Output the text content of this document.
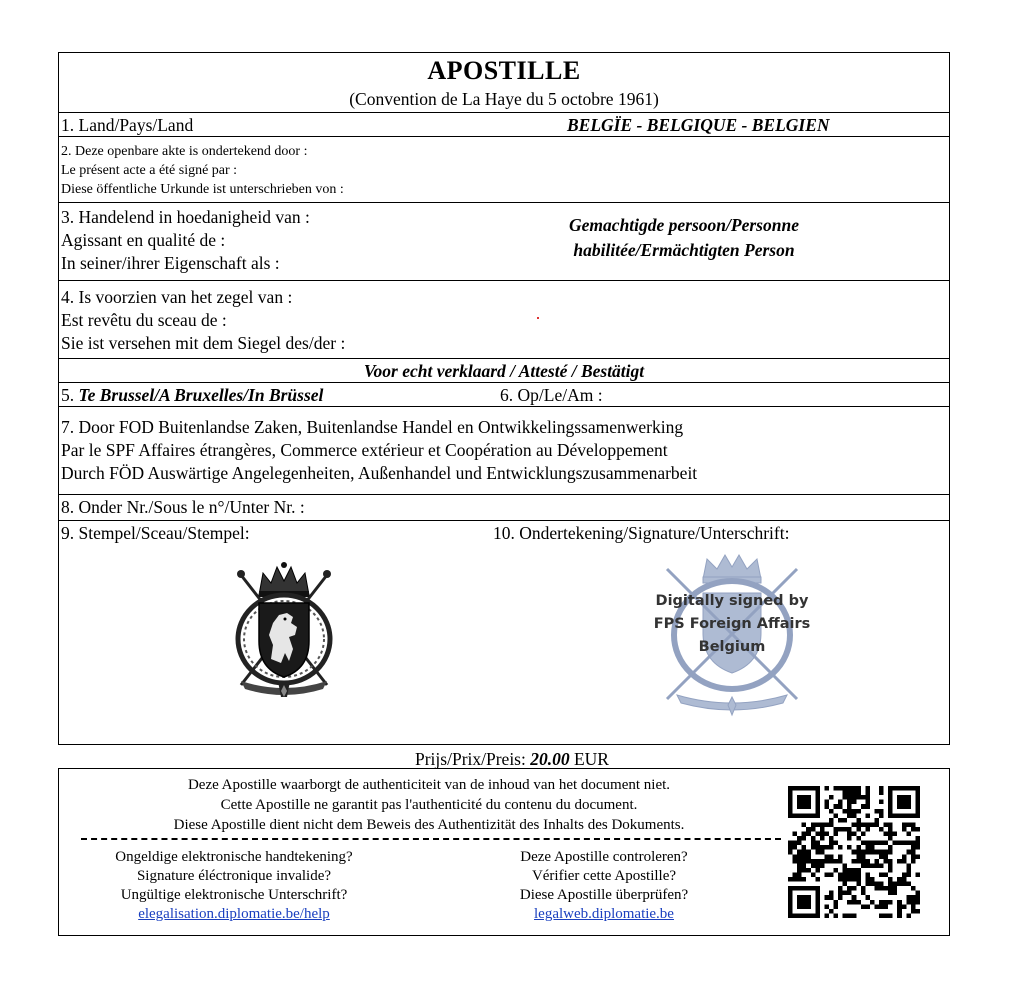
APOSTILLE
(Convention de La Haye du 5 octobre 1961)
1. Land/Pays/Land	BELGÏE - BELGIQUE - BELGIEN
2. Deze openbare akte is ondertekend door :
Le présent acte a été signé par :
Diese öffentliche Urkunde ist unterschrieben von :
3. Handelend in hoedanigheid van :
Agissant en qualité de :
In seiner/ihrer Eigenschaft als :
Gemachtigde persoon/Personne
habilitée/Ermächtigten Person
4. Is voorzien van het zegel van :
Est revêtu du sceau de :
Sie ist versehen mit dem Siegel des/der :
Voor echt verklaard / Attesté / Bestätigt
5. Te Brussel/A Bruxelles/In Brüssel	6. Op/Le/Am :
7. Door FOD Buitenlandse Zaken, Buitenlandse Handel en Ontwikkelingssamenwerking
Par le SPF Affaires étrangères, Commerce extérieur et Coopération au Développement
Durch FÖD Auswärtige Angelegenheiten, Außenhandel und Entwicklungszusammenarbeit
8. Onder Nr./Sous le n°/Unter Nr. :
9. Stempel/Sceau/Stempel:	10. Ondertekening/Signature/Unterschrift:
Digitally signed by
FPS Foreign Affairs
Belgium
Prijs/Prix/Preis: 20.00 EUR
Deze Apostille waarborgt de authenticiteit van de inhoud van het document niet.
Cette Apostille ne garantit pas l'authenticité du contenu du document.
Diese Apostille dient nicht dem Beweis des Authentizität des Inhalts des Dokuments.
Ongeldige elektronische handtekening?
Signature éléctronique invalide?
Ungültige elektronische Unterschrift?
elegalisation.diplomatie.be/help
Deze Apostille controleren?
Vérifier cette Apostille?
Diese Apostille überprüfen?
legalweb.diplomatie.be
